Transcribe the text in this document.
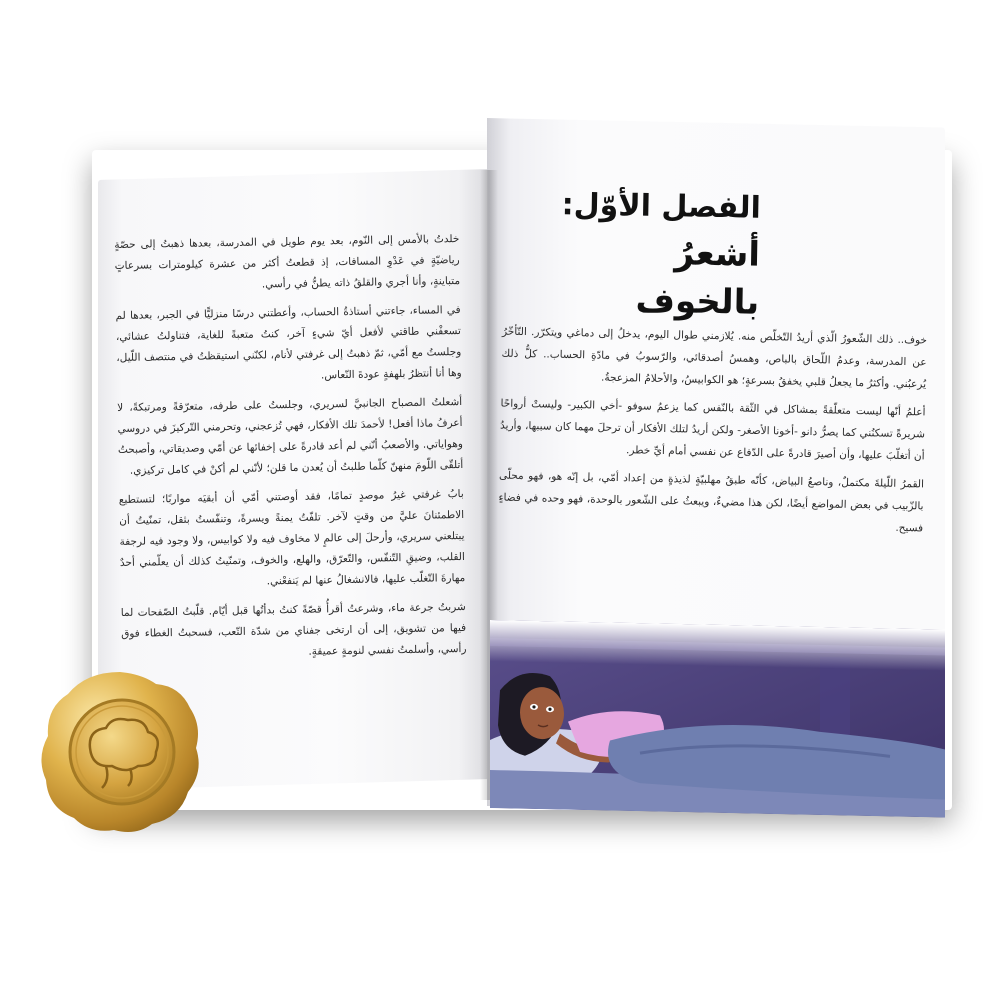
خلدتُ بالأمس إلى النّوم، بعد يوم طويل في المدرسة، بعدها ذهبتُ إلى حصّةٍ رياضيّةٍ في عَدْوِ المسافات، إذ قطعتُ أكثر من عشرة كيلومترات بسرعاتٍ متباينةٍ، وأنا أجري والقلقُ ذاته يطنُّ في رأسي.

في المساء، جاءتني أستاذةُ الحساب، وأعطتني درسًا منزليًّا في الجبر، بعدها لم تسعفْني طاقتي لأفعل أيّ شيءٍ آخر، كنتُ متعبةً للغاية، فتناولتُ عشائي، وجلستُ مع أمّي، ثمّ ذهبتُ إلى غرفتي لأنام، لكنّني استيقظتُ في منتصف اللّيل، وها أنا أنتظرُ بلهفةٍ عودةَ النّعاس.

أشعلتُ المصباح الجانبيَّ لسريري، وجلستُ على طرفه، متعرّقةً ومرتبكةً، لا أعرفُ ماذا أفعل! لأحمدَ تلك الأفكار، فهي تُزعجني، وتحرمني التّركيزَ في دروسي وهواياتي. والأصعبُ أنّني لم أعد قادرةً على إخفائها عن أمّي وصديقاتي، وأصبحتُ أتلقّى اللّومَ منهنّ كلّما طلبتُ أن يُعدن ما قلن؛ لأنّني لم أكنْ في كامل تركيزي.

بابُ غرفتي غيرُ موصدٍ تمامًا، فقد أوصتني أمّي أن أبقيَه مواربًا؛ لتستطيع الاطمئنانَ عليَّ من وقتٍ لآخر. تلفّتُ يمنةً ويسرةً، وتنفّستُ بثقل، تمنّيتُ أن يبتلعني سريري، وأرحلَ إلى عالمٍ لا مخاوف فيه ولا كوابيس، ولا وجود فيه لرجفة القلب، وضيقِ التّنفّس، والتّعرّق، والهلع، والخوف، وتمنّيتُ كذلك أن يعلّمني أحدٌ مهارةَ التّغلّب عليها، فالانشغالُ عنها لم يَنفعْني.

شربتُ جرعة ماء، وشرعتُ أقرأُ قصّةً كنتُ بدأتُها قبل أيّام. قلّبتُ الصّفحات لما فيها من تشويق، إلى أن ارتخى جفناي من شدّة التّعب، فسحبتُ الغطاء فوق رأسي، وأسلمتُ نفسي لنومةٍ عميقةٍ.

الفصل الأوّل:
أشعرُ بالخوف

خوف.. ذلك الشّعورُ الّذي أريدُ التّخلّص منه. يُلازمني طوال اليوم، يدخلُ إلى دماغي ويتكرّر. التّأخّرُ عن المدرسة، وعدمُ اللّحاق بالباص، وهمسُ أصدقائي، والرّسوبُ في مادّةِ الحساب.. كلُّ ذلك يُرعبُني. وأكثرُ ما يجعلُ قلبي يخفقُ بسرعةٍ؛ هو الكوابيسُ، والأحلامُ المزعجةُ.

أعلمُ أنّها ليست متعلّقةً بمشاكل في الثّقة بالنّفس كما يزعمُ سوفو -أخي الكبير- وليستْ أرواحًا شريرةً تسكنُني كما يصرُّ دانو -أخونا الأصغر- ولكن أريدُ لتلك الأفكار أن ترحلَ مهما كان سببها، وأريدُ أن أتغلّبَ عليها، وأن أصيرَ قادرةً على الدّفاع عن نفسي أمام أيِّ خطر.

القمرُ اللّيلةَ مكتملٌ، وناصعُ البياض، كأنّه طبقُ مهلبيّةٍ لذيذةٍ من إعداد أمّي، بل إنّه هو، فهو محلّى بالزّبيب في بعض المواضع أيضًا، لكن هذا مضيءٌ، ويبعثُ على الشّعور بالوحدة، فهو وحده في فضاءٍ فسيح.
